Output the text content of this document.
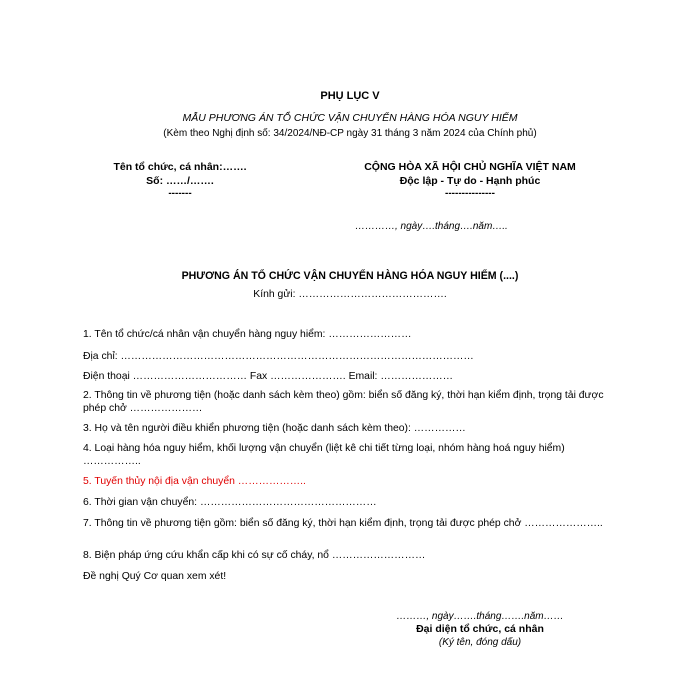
PHỤ LỤC V
MẪU PHƯƠNG ÁN TỔ CHỨC VẬN CHUYỂN HÀNG HÓA NGUY HIỂM
(Kèm theo Nghị định số: 34/2024/NĐ-CP ngày 31 tháng 3 năm 2024 của Chính phủ)
Tên tổ chức, cá nhân:…….
Số: ……/…….
-------
CỘNG HÒA XÃ HỘI CHỦ NGHĨA VIỆT NAM
Độc lập - Tự do - Hạnh phúc
---------------
…………, ngày….tháng….năm…..
PHƯƠNG ÁN TỔ CHỨC VẬN CHUYỂN HÀNG HÓA NGUY HIỂM (....)
Kính gửi: …………………………………….
1. Tên tổ chức/cá nhân vận chuyển hàng nguy hiểm: ……………………
Địa chỉ: …………………………………………………………………………………………
Điện thoại …………………………… Fax …………………. Email: …………………
2. Thông tin về phương tiện (hoặc danh sách kèm theo) gồm: biển số đăng ký, thời hạn kiểm định, trọng tải được phép chở …………………
3. Họ và tên người điều khiển phương tiện (hoặc danh sách kèm theo): ……………
4. Loại hàng hóa nguy hiểm, khối lượng vận chuyển (liệt kê chi tiết từng loại, nhóm hàng hoá nguy hiểm) ……………..
5. Tuyến thủy nội địa vận chuyển ………………..
6. Thời gian vận chuyển: ……………………………………………
7. Thông tin về phương tiện gồm: biển số đăng ký, thời hạn kiểm định, trọng tải được phép chở …………………..
8. Biện pháp ứng cứu khẩn cấp khi có sự cố cháy, nổ ………………………
Đề nghị Quý Cơ quan xem xét!
………, ngày…….tháng…….năm……
Đại diện tổ chức, cá nhân
(Ký tên, đóng dấu)
